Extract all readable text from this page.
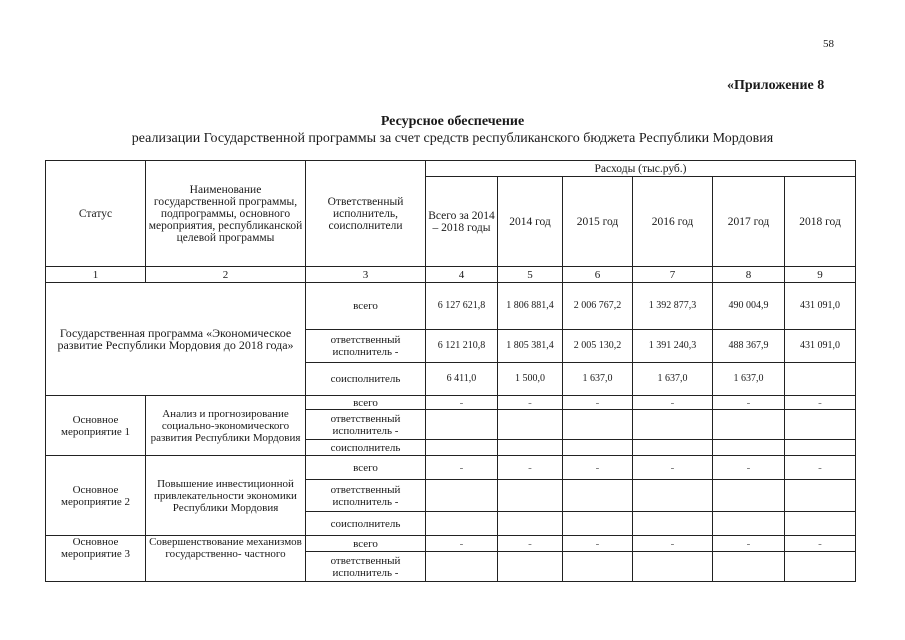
58
«Приложение 8
Ресурсное обеспечение
реализации Государственной программы за счет средств республиканского бюджета Республики Мордовия
Статус	Наименование государственной программы, подпрограммы, основного мероприятия, республиканской целевой программы	Ответственный исполнитель, соисполнители	Расходы (тыс.руб.)					
			Всего за 2014 – 2018 годы	2014 год	2015 год	2016 год	2017 год	2018 год
1	2	3	4	5	6	7	8	9
Государственная программа «Экономическое развитие Республики Мордовия до 2018 года»		всего	6 127 621,8	1 806 881,4	2 006 767,2	1 392 877,3	490 004,9	431 091,0
		ответственный исполнитель -	6 121 210,8	1 805 381,4	2 005 130,2	1 391 240,3	488 367,9	431 091,0
		соисполнитель	6 411,0	1 500,0	1 637,0	1 637,0	1 637,0	
Основное мероприятие 1	Анализ и прогнозирование социально-экономического развития Республики Мордовия	всего	-	-	-	-	-	-
		ответственный исполнитель -						
		соисполнитель						
Основное мероприятие 2	Повышение инвестиционной привлекательности экономики Республики Мордовия	всего	-	-	-	-	-	-
		ответственный исполнитель -						
		соисполнитель						
Основное мероприятие 3	Совершенствование механизмов государственно- частного	всего	-	-	-	-	-	-
		ответственный исполнитель -						
